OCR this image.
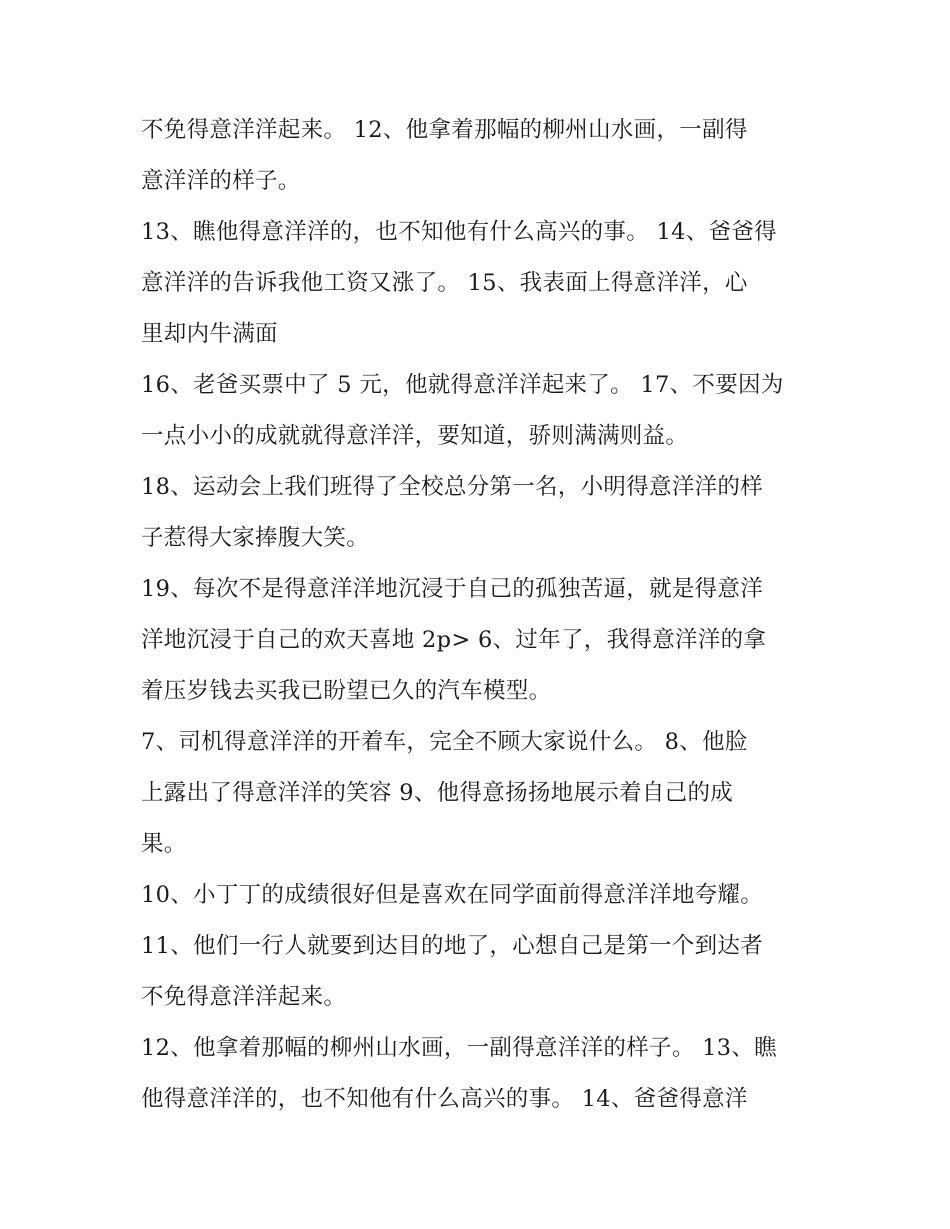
不免得意洋洋起来。 12、他拿着那幅的柳州山水画，一副得
意洋洋的样子。
13、瞧他得意洋洋的，也不知他有什么高兴的事。 14、爸爸得
意洋洋的告诉我他工资又涨了。 15、我表面上得意洋洋，心
里却内牛满面
16、老爸买票中了 5 元，他就得意洋洋起来了。 17、不要因为
一点小小的成就就得意洋洋，要知道，骄则满满则益。
18、运动会上我们班得了全校总分第一名，小明得意洋洋的样
子惹得大家捧腹大笑。
19、每次不是得意洋洋地沉浸于自己的孤独苦逼，就是得意洋
洋地沉浸于自己的欢天喜地 2p> 6、过年了，我得意洋洋的拿
着压岁钱去买我已盼望已久的汽车模型。
7、司机得意洋洋的开着车，完全不顾大家说什么。 8、他脸
上露出了得意洋洋的笑容 9、他得意扬扬地展示着自己的成
果。
10、小丁丁的成绩很好但是喜欢在同学面前得意洋洋地夸耀。
11、他们一行人就要到达目的地了，心想自己是第一个到达者
不免得意洋洋起来。
12、他拿着那幅的柳州山水画，一副得意洋洋的样子。 13、瞧
他得意洋洋的，也不知他有什么高兴的事。 14、爸爸得意洋
